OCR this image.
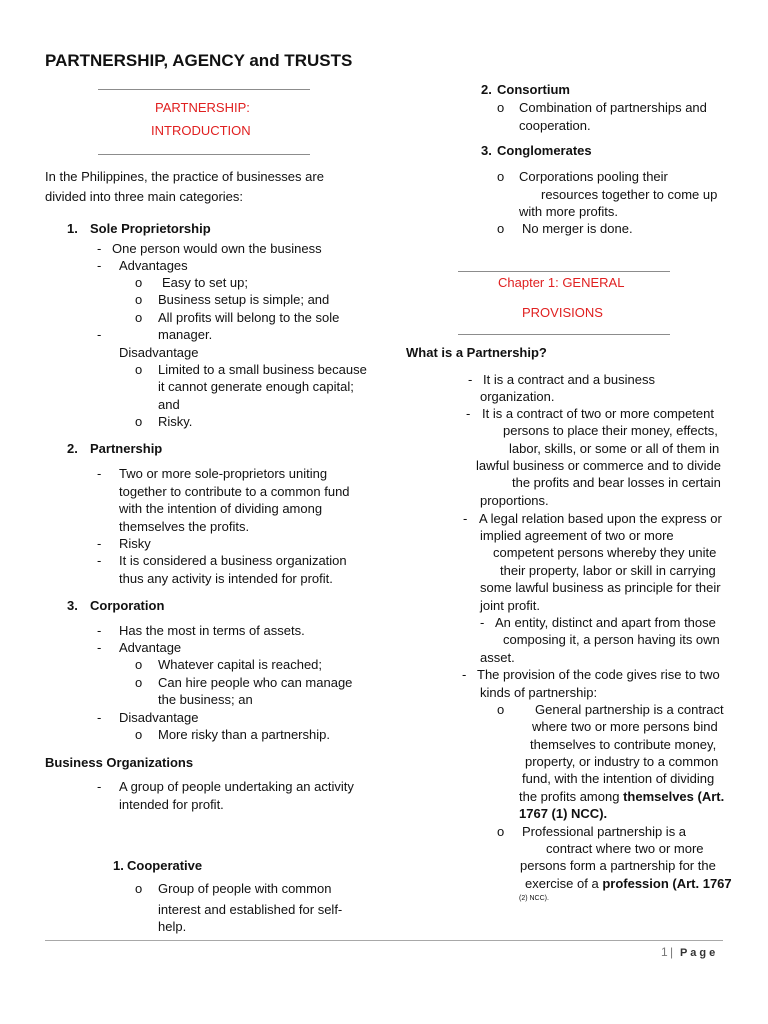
PARTNERSHIP, AGENCY and TRUSTS
PARTNERSHIP:
INTRODUCTION
In the Philippines, the practice of businesses are
divided into three main categories:
1. Sole Proprietorship
- One person would own the business
- Advantages
o Easy to set up;
o Business setup is simple; and
o All profits will belong to the sole
manager.
-
Disadvantage
o Limited to a small business because
it cannot generate enough capital;
and
o Risky.
2. Partnership
- Two or more sole-proprietors uniting
together to contribute to a common fund
with the intention of dividing among
themselves the profits.
- Risky
- It is considered a business organization
thus any activity is intended for profit.
3. Corporation
- Has the most in terms of assets.
- Advantage
o Whatever capital is reached;
o Can hire people who can manage
the business; an
- Disadvantage
o More risky than a partnership.
Business Organizations
- A group of people undertaking an activity
intended for profit.
1. Cooperative
o Group of people with common
interest and established for self-
help.
2. Consortium
o Combination of partnerships and
cooperation.
3. Conglomerates
o Corporations pooling their
resources together to come up
with more profits.
o No merger is done.
Chapter 1: GENERAL
PROVISIONS
What is a Partnership?
- It is a contract and a business
organization.
- It is a contract of two or more competent
persons to place their money, effects,
labor, skills, or some or all of them in
lawful business or commerce and to divide
the profits and bear losses in certain
proportions.
- A legal relation based upon the express or
implied agreement of two or more
competent persons whereby they unite
their property, labor or skill in carrying
some lawful business as principle for their
joint profit.
- An entity, distinct and apart from those
composing it, a person having its own
asset.
- The provision of the code gives rise to two
kinds of partnership:
o General partnership is a contract
where two or more persons bind
themselves to contribute money,
property, or industry to a common
fund, with the intention of dividing
the profits among themselves (Art.
1767 (1) NCC).
o Professional partnership is a
contract where two or more
persons form a partnership for the
exercise of a profession (Art. 1767
(2) NCC).
1 | P a g e
